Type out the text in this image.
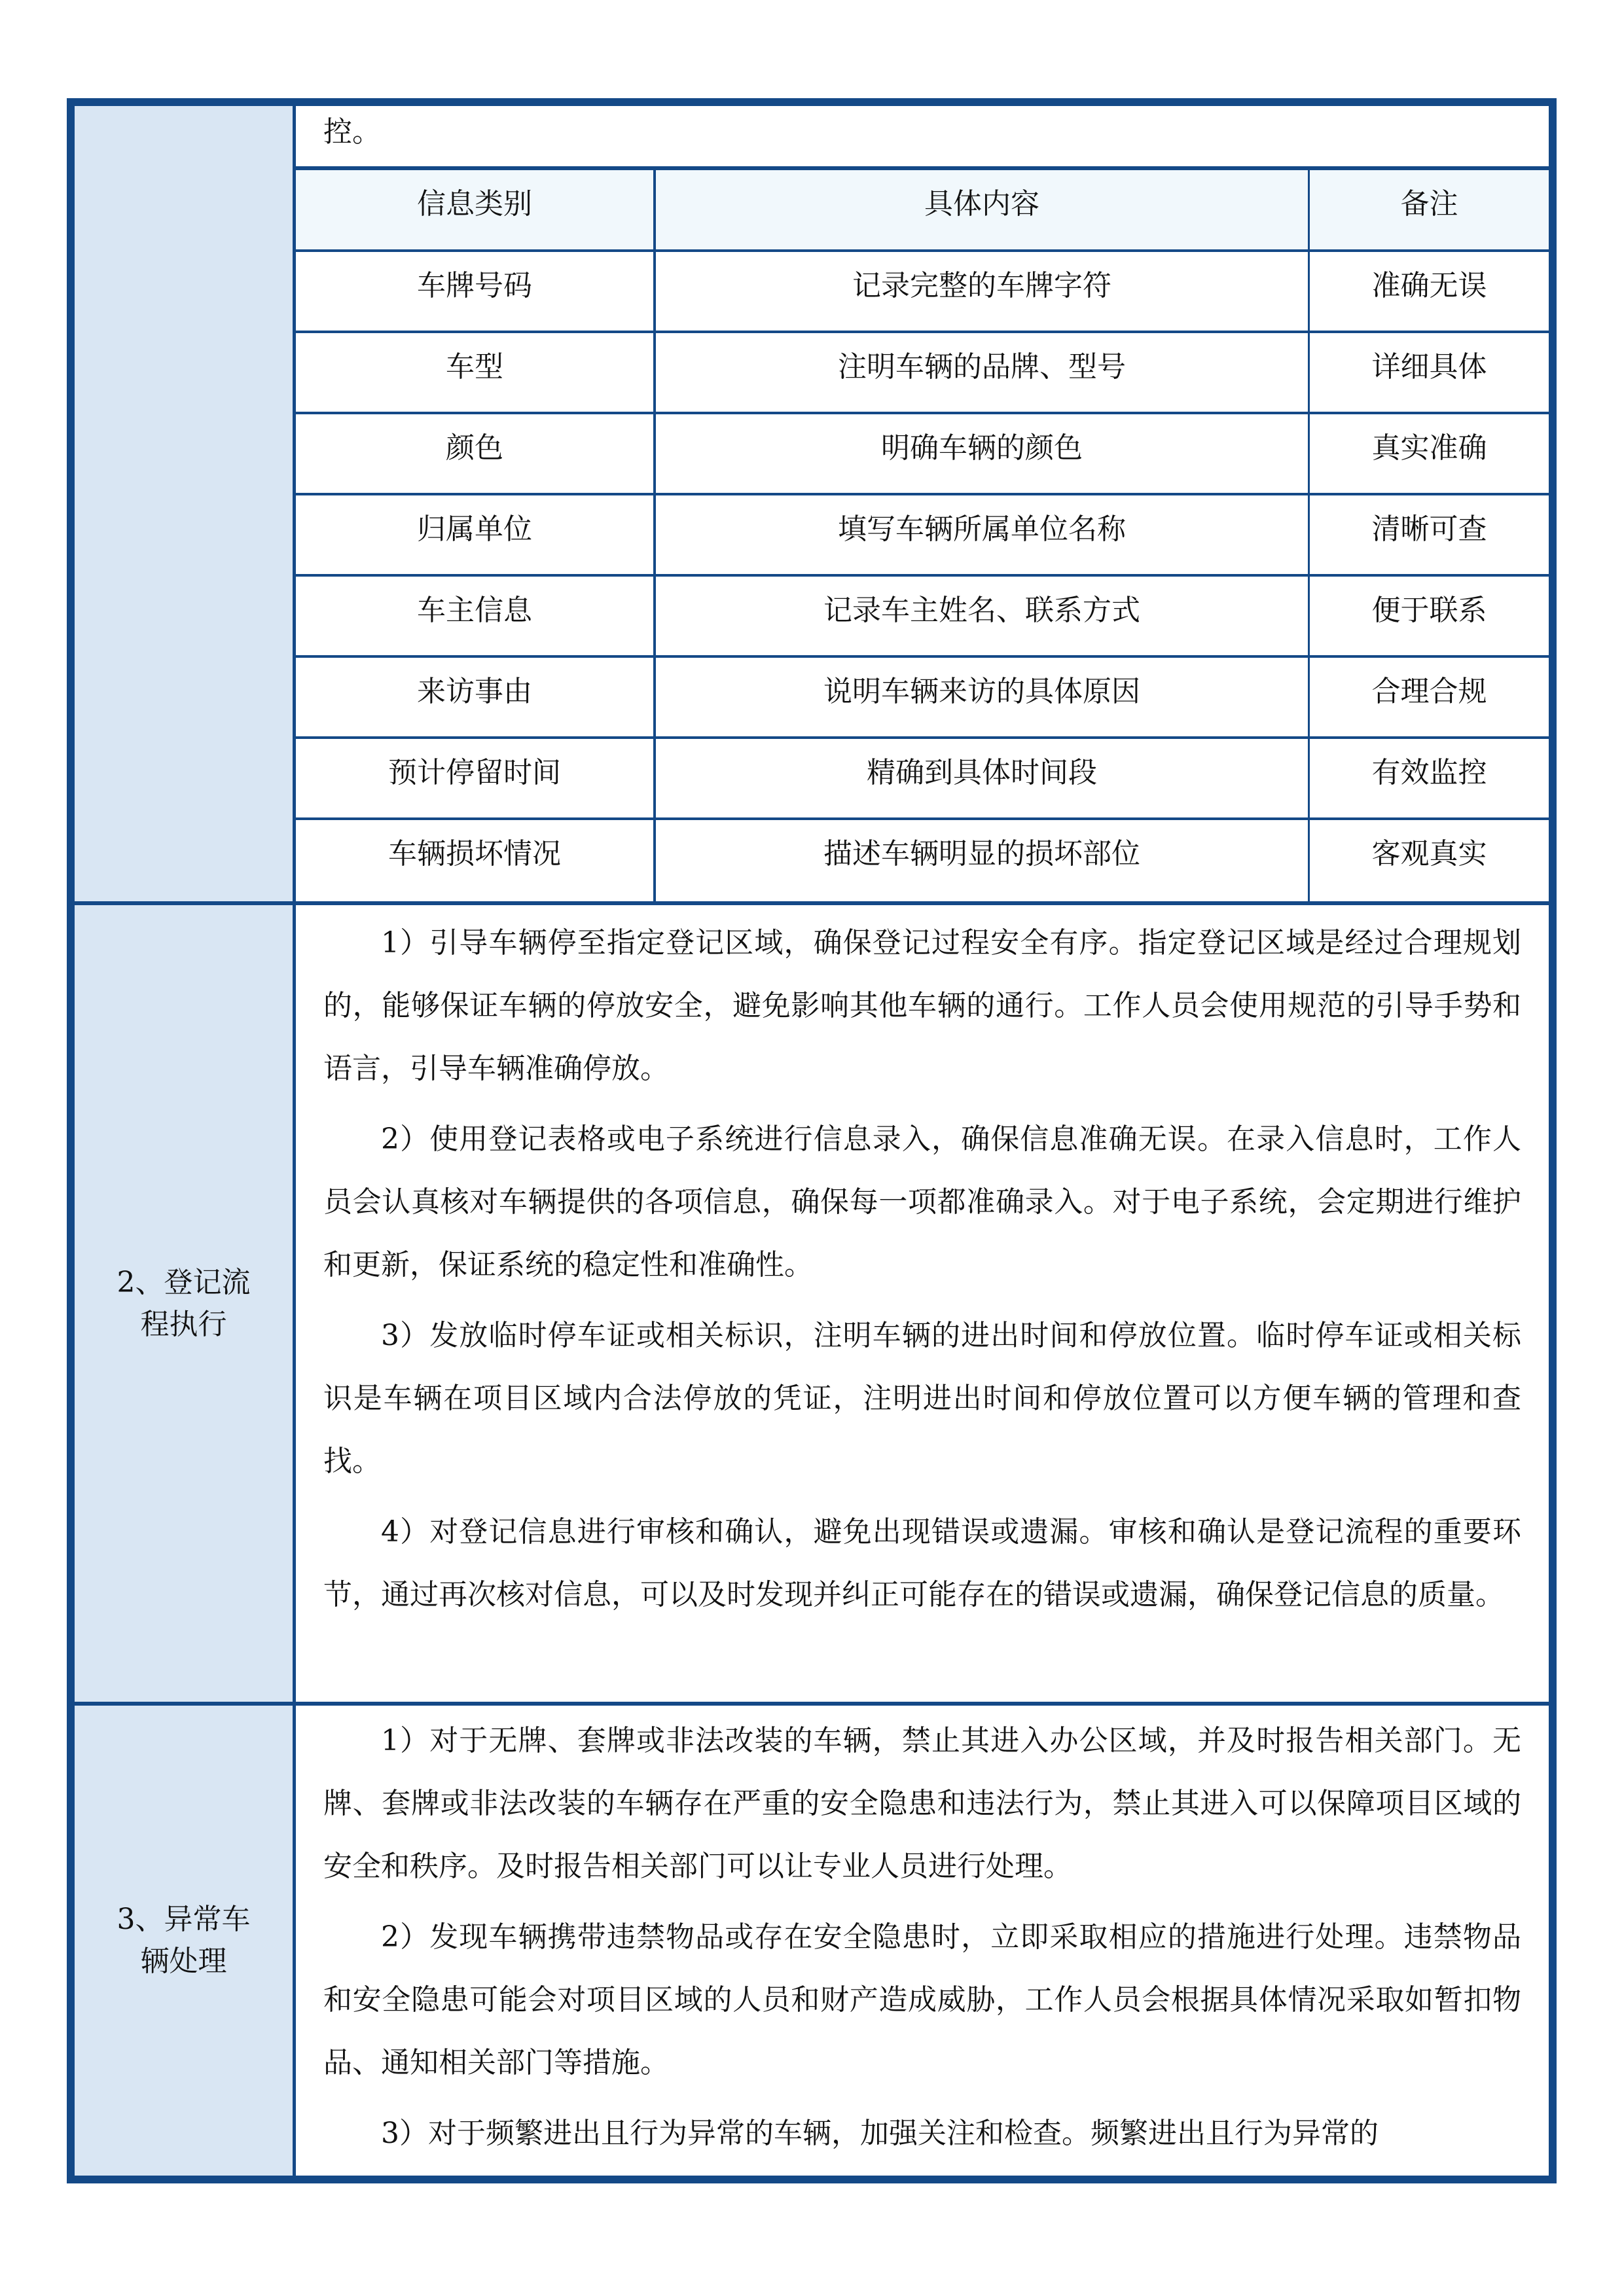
控。
信息类别	具体内容	备注
车牌号码	记录完整的车牌字符	准确无误
车型	注明车辆的品牌、型号	详细具体
颜色	明确车辆的颜色	真实准确
归属单位	填写车辆所属单位名称	清晰可查
车主信息	记录车主姓名、联系方式	便于联系
来访事由	说明车辆来访的具体原因	合理合规
预计停留时间	精确到具体时间段	有效监控
车辆损坏情况	描述车辆明显的损坏部位	客观真实
2、登记流
程执行

1）引导车辆停至指定登记区域，确保登记过程安全有序。指定登记区域是经过合理规划的，能够保证车辆的停放安全，避免影响其他车辆的通行。工作人员会使用规范的引导手势和语言，引导车辆准确停放。

2）使用登记表格或电子系统进行信息录入，确保信息准确无误。在录入信息时，工作人员会认真核对车辆提供的各项信息，确保每一项都准确录入。对于电子系统，会定期进行维护和更新，保证系统的稳定性和准确性。

3）发放临时停车证或相关标识，注明车辆的进出时间和停放位置。临时停车证或相关标识是车辆在项目区域内合法停放的凭证，注明进出时间和停放位置可以方便车辆的管理和查找。

4）对登记信息进行审核和确认，避免出现错误或遗漏。审核和确认是登记流程的重要环节，通过再次核对信息，可以及时发现并纠正可能存在的错误或遗漏，确保登记信息的质量。

3、异常车
辆处理

1）对于无牌、套牌或非法改装的车辆，禁止其进入办公区域，并及时报告相关部门。无牌、套牌或非法改装的车辆存在严重的安全隐患和违法行为，禁止其进入可以保障项目区域的安全和秩序。及时报告相关部门可以让专业人员进行处理。

2）发现车辆携带违禁物品或存在安全隐患时，立即采取相应的措施进行处理。违禁物品和安全隐患可能会对项目区域的人员和财产造成威胁，工作人员会根据具体情况采取如暂扣物品、通知相关部门等措施。

3）对于频繁进出且行为异常的车辆，加强关注和检查。频繁进出且行为异常的
